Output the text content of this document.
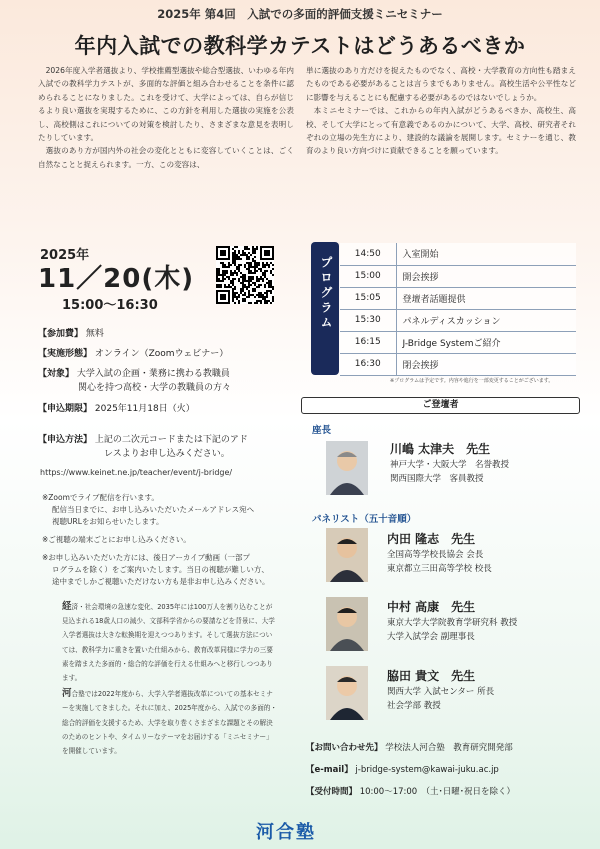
2025年 第4回　入試での多面的評価支援ミニセミナー
年内入試での教科学カテストはどうあるべきか

2026年度入学者選抜より、学校推薦型選抜や総合型選抜、いわゆる年内入試での教科学力テストが、多面的な評価と組み合わせることを条件に認められることになりました。これを受けて、大学によっては、自らが信じるより良い選抜を実現するために、この方針を利用した選抜の実施を公表し、高校側はこれについての対策を検討したり、さまざまな意見を表明したりしています。

選抜のあり方が国内外の社会の変化とともに変容していくことは、ごく自然なことと捉えられます。一方、この変容は、

単に選抜のあり方だけを捉えたものでなく、高校・大学教育の方向性も踏まえたものである必要があることは言うまでもありません。高校生活や公平性などに影響を与えることにも配慮する必要があるのではないでしょうか。

本ミニセミナーでは、これからの年内入試がどうあるべきか、高校生、高校、そして大学にとって有意義であるのかについて、大学、高校、研究者それぞれの立場の先生方により、建設的な議論を展開します。セミナーを通じ、教育のより良い方向づけに貢献できることを願っています。

2025年
11／20(木)
15:00〜16:30	プログラム
14:50	入室開始
15:00	開会挨拶
15:05	登壇者話題提供
15:30	パネルディスカッション
16:15	J-Bridge Systemご紹介
16:30	閉会挨拶
※プログラムは予定です。内容や進行を一部変更することがございます。
【参加費】 無料
【実施形態】 オンライン（Zoomウェビナー）
【対象】 大学入試の企画・業務に携わる教職員
関心を持つ高校・大学の教職員の方々
【申込期限】 2025年11月18日（火）
【申込方法】 上記の二次元コードまたは下記のアド
レスよりお申し込みください。
https://www.keinet.ne.jp/teacher/event/j-bridge/
※Zoomでライブ配信を行います。
配信当日までに、お申し込みいただいたメールアドレス宛へ
視聴URLをお知らせいたします。
※ご視聴の端末ごとにお申し込みください。
※お申し込みいただいた方には、後日アーカイブ動画（一部プ
ログラムを除く）をご案内いたします。当日の視聴が難しい方、
途中までしかご視聴いただけない方も是非お申し込みください。

経済・社会環境の急速な変化、2035年には100万人を割り込むことが見込まれる18歳人口の減少、文部科学省からの要請などを背景に、大学入学者選抜は大きな転換期を迎えつつあります。そして選抜方法については、教科学力に重きを置いた仕組みから、教育改革同様に学力の三要素を踏まえた多面的・総合的な評価を行える仕組みへと移行しつつあります。

河合塾では2022年度から、大学入学者選抜改革についての基本セミナーを実施してきました。それに加え、2025年度から、入試での多面的・総合的評価を支援するため、大学を取り巻くさまざまな課題とその解決のためのヒントや、タイムリーなテーマをお届けする「ミニセミナー」を開催しています。

ご登壇者
座長
川嶋 太津夫　先生
神戸大学・大阪大学　名誉教授
関西国際大学　客員教授
パネリスト（五十音順）
内田 隆志　先生
全国高等学校長協会 会長
東京都立三田高等学校 校長
中村 高康　先生
東京大学大学院教育学研究科 教授
大学入試学会 副理事長
脇田 貴文　先生
関西大学 入試センター 所長
社会学部 教授
【お問い合わせ先】 学校法人河合塾　教育研究開発部
【e-mail】 j-bridge-system@kawai-juku.ac.jp
【受付時間】 10:00〜17:00　（土･日曜･祝日を除く）
河合塾
